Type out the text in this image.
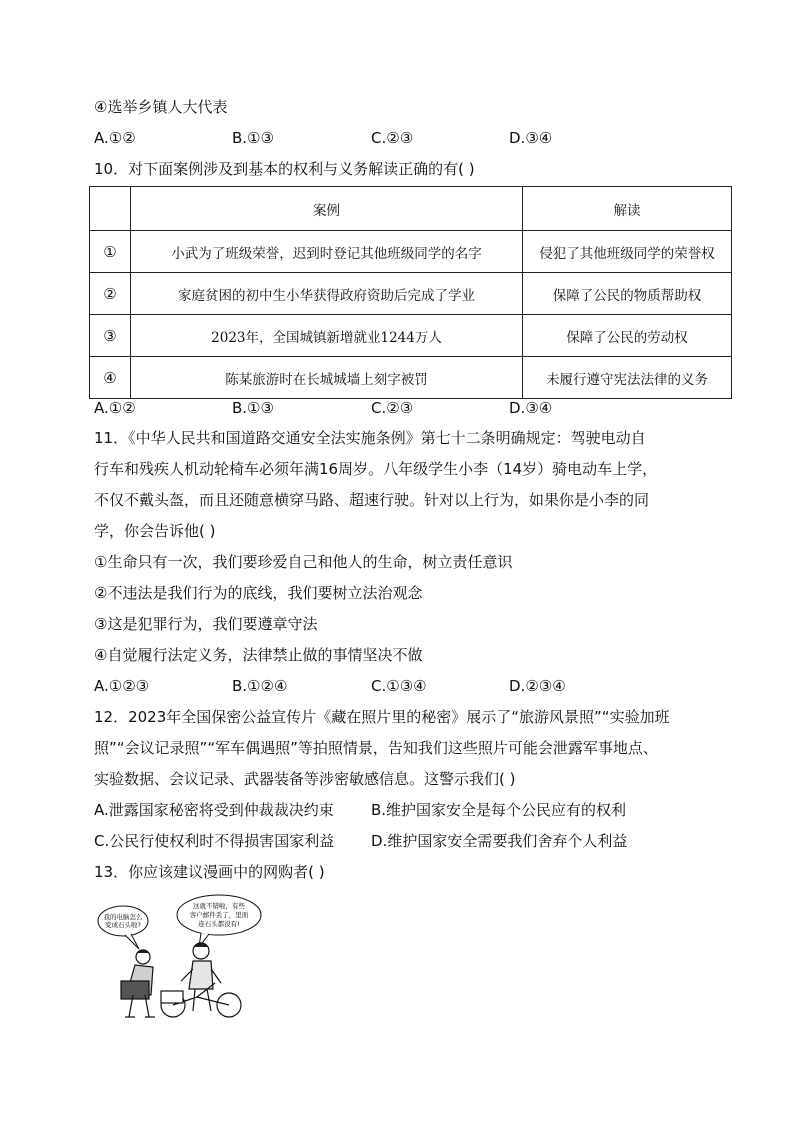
④选举乡镇人大代表
A.①②	B.①③	C.②③	D.③④
10．对下面案例涉及到基本的权利与义务解读正确的有( )
	案例	解读
①	小武为了班级荣誉，迟到时登记其他班级同学的名字	侵犯了其他班级同学的荣誉权
②	家庭贫困的初中生小华获得政府资助后完成了学业	保障了公民的物质帮助权
③	2023年，全国城镇新增就业1244万人	保障了公民的劳动权
④	陈某旅游时在长城城墙上刻字被罚	未履行遵守宪法法律的义务
A.①②	B.①③	C.②③	D.③④
11．《中华人民共和国道路交通安全法实施条例》第七十二条明确规定：驾驶电动自
行车和残疾人机动轮椅车必须年满16周岁。八年级学生小李（14岁）骑电动车上学，
不仅不戴头盔，而且还随意横穿马路、超速行驶。针对以上行为，如果你是小李的同
学，你会告诉他( )
①生命只有一次，我们要珍爱自己和他人的生命，树立责任意识
②不违法是我们行为的底线，我们要树立法治观念
③这是犯罪行为，我们要遵章守法
④自觉履行法定义务，法律禁止做的事情坚决不做
A.①②③	B.①②④	C.①③④	D.②③④
12．2023年全国保密公益宣传片《藏在照片里的秘密》展示了“旅游风景照”“实验加班
照”“会议记录照”“军车偶遇照”等拍照情景，告知我们这些照片可能会泄露军事地点、
实验数据、会议记录、武器装备等涉密敏感信息。这警示我们( )
A.泄露国家秘密将受到仲裁裁决约束 B.维护国家安全是每个公民应有的权利
C.公民行使权利时不得损害国家利益 D.维护国家安全需要我们舍弃个人利益
13．你应该建议漫画中的网购者( )
我的电脑怎么
变成石头啦?
这就不错啦，有些
客户邮件丢了，里面
连石头都没有!
